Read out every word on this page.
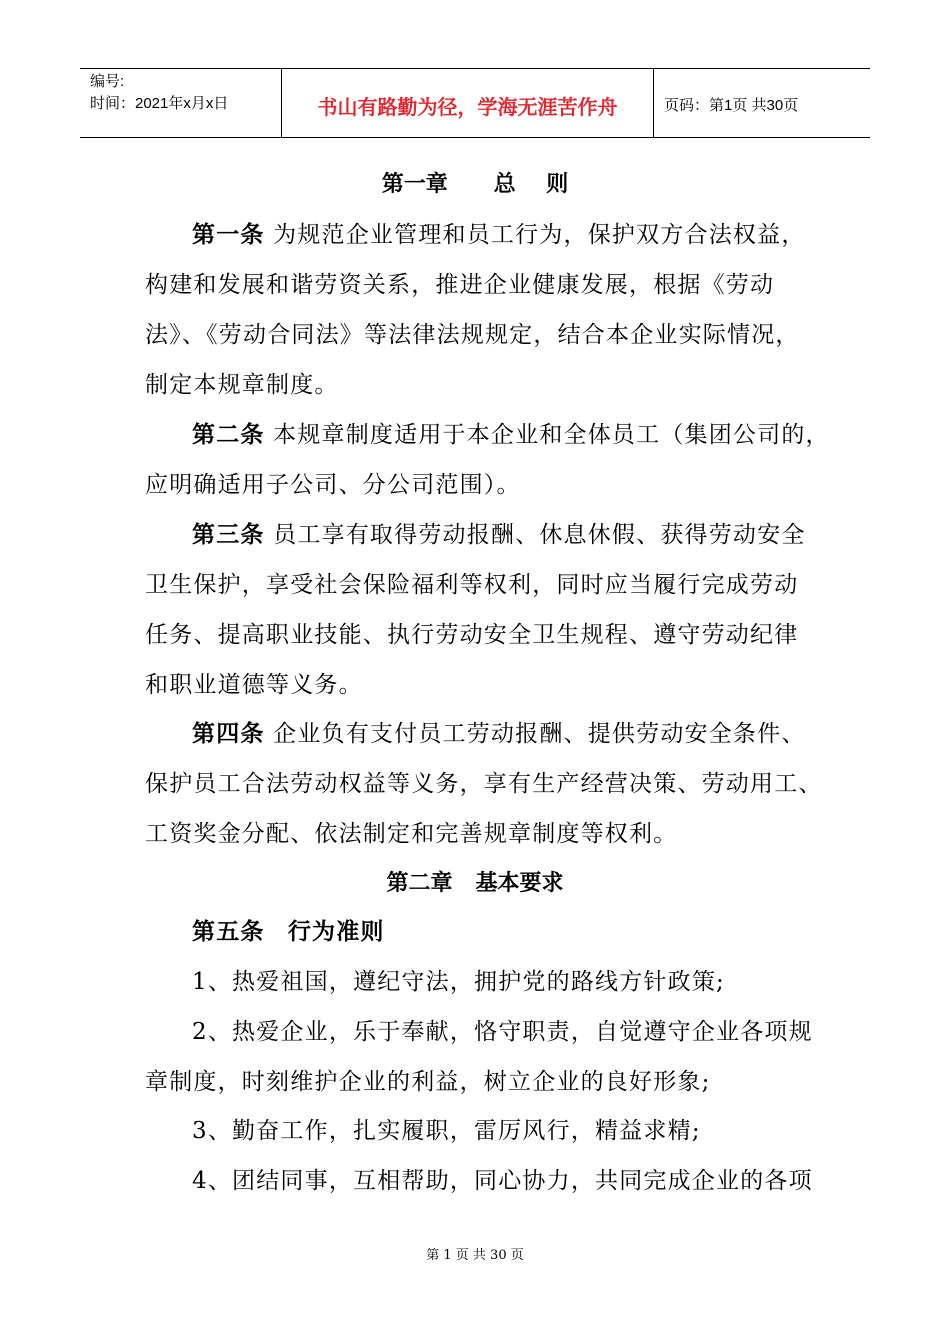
编号:
时间：2021年x月x日	书山有路勤为径，学海无涯苦作舟	页码：第1页 共30页
第一章      总    则
第一条 为规范企业管理和员工行为，保护双方合法权益，
构建和发展和谐劳资关系，推进企业健康发展，根据《劳动
法》、《劳动合同法》等法律法规规定，结合本企业实际情况，
制定本规章制度。
第二条 本规章制度适用于本企业和全体员工（集团公司的，
应明确适用子公司、分公司范围）。
第三条 员工享有取得劳动报酬、休息休假、获得劳动安全
卫生保护，享受社会保险福利等权利，同时应当履行完成劳动
任务、提高职业技能、执行劳动安全卫生规程、遵守劳动纪律
和职业道德等义务。
第四条 企业负有支付员工劳动报酬、提供劳动安全条件、
保护员工合法劳动权益等义务，享有生产经营决策、劳动用工、
工资奖金分配、依法制定和完善规章制度等权利。
第二章   基本要求
第五条 行为准则
1、热爱祖国，遵纪守法，拥护党的路线方针政策;
2、热爱企业，乐于奉献，恪守职责，自觉遵守企业各项规
章制度，时刻维护企业的利益，树立企业的良好形象;
3、勤奋工作，扎实履职，雷厉风行，精益求精;
4、团结同事，互相帮助，同心协力，共同完成企业的各项
第 1 页 共 30 页
